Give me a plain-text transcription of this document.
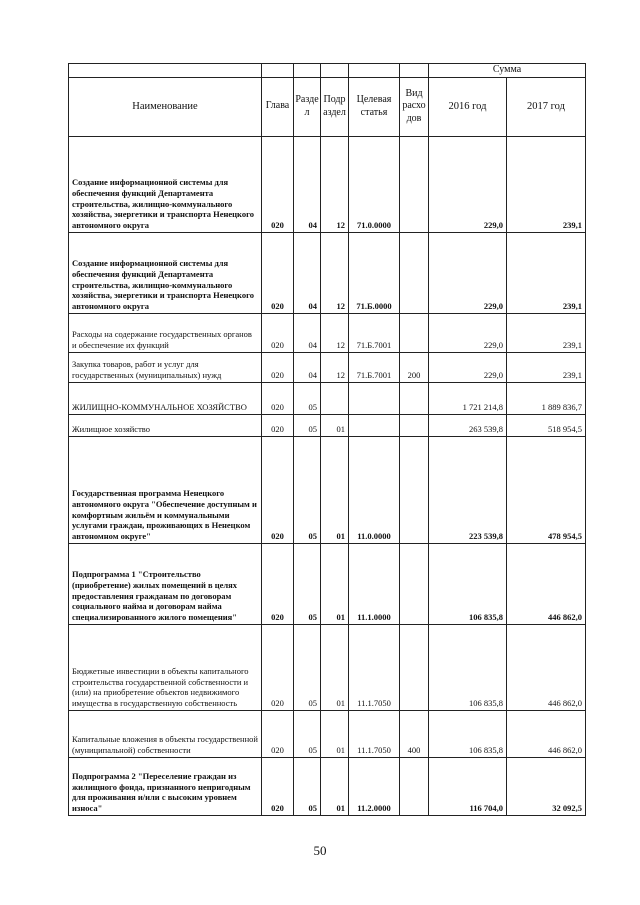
						Сумма	
Наименование	Глава	Разде л	Подр аздел	Целевая статья	Вид расхо дов	2016 год	2017 год
Создание информационной системы для обеспечения функций Департамента строительства, жилищно-коммунального хозяйства, энергетики и транспорта Ненецкого автономного округа	020	04	12	71.0.0000		229,0	239,1
Создание информационной системы для обеспечения функций Департамента строительства, жилищно-коммунального хозяйства, энергетики и транспорта Ненецкого автономного округа	020	04	12	71.Б.0000		229,0	239,1
Расходы на содержание государственных органов и обеспечение их функций	020	04	12	71.Б.7001		229,0	239,1
Закупка товаров, работ и услуг для государственных (муниципальных) нужд	020	04	12	71.Б.7001	200	229,0	239,1
ЖИЛИЩНО-КОММУНАЛЬНОЕ ХОЗЯЙСТВО	020	05				1 721 214,8	1 889 836,7
Жилищное хозяйство	020	05	01			263 539,8	518 954,5
Государственная программа Ненецкого автономного округа "Обеспечение доступным и комфортным жильём и коммунальными услугами граждан, проживающих в Ненецком автономном округе"	020	05	01	11.0.0000		223 539,8	478 954,5
Подпрограмма 1 "Строительство (приобретение) жилых помещений в целях предоставления гражданам по договорам социального найма и договорам найма специализированного жилого помещения"	020	05	01	11.1.0000		106 835,8	446 862,0
Бюджетные инвестиции в объекты капитального строительства государственной собственности и (или) на приобретение объектов недвижимого имущества в государственную собственность	020	05	01	11.1.7050		106 835,8	446 862,0
Капитальные вложения в объекты государственной (муниципальной) собственности	020	05	01	11.1.7050	400	106 835,8	446 862,0
Подпрограмма 2 "Переселение граждан из жилищного фонда, признанного непригодным для проживания и/или с высоким уровнем износа"	020	05	01	11.2.0000		116 704,0	32 092,5
50
